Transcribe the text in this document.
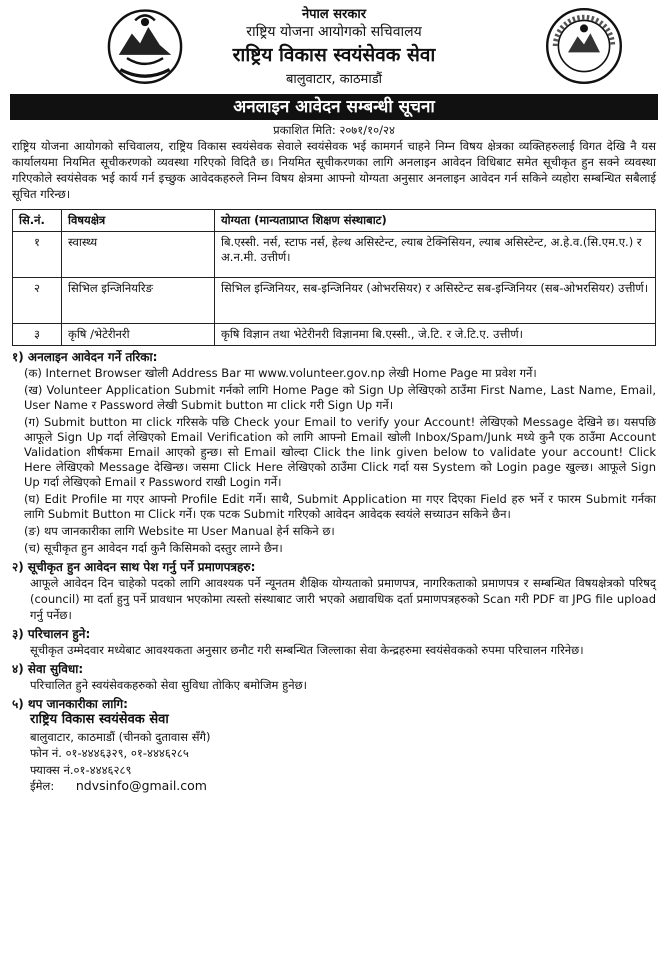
नेपाल सरकार
राष्ट्रिय योजना आयोगको सचिवालय
राष्ट्रिय विकास स्वयंसेवक सेवा
बालुवाटार, काठमाडौं
अनलाइन आवेदन सम्बन्धी सूचना
प्रकाशित मिति: २०७१/१०/२४

राष्ट्रिय योजना आयोगको सचिवालय, राष्ट्रिय विकास स्वयंसेवक सेवाले स्वयंसेवक भई कामगर्न चाहने निम्न विषय क्षेत्रका व्यक्तिहरुलाई विगत देखि नै यस कार्यालयमा नियमित सूचीकरणको व्यवस्था गरिएको विदितै छ। नियमित सूचीकरणका लागि अनलाइन आवेदन विधिबाट समेत सूचीकृत हुन सक्ने व्यवस्था गरिएकोले स्वयंसेवक भई कार्य गर्न इच्छुक आवेदकहरुले निम्न विषय क्षेत्रमा आफ्नो योग्यता अनुसार अनलाइन आवेदन गर्न सकिने व्यहोरा सम्बन्धित सबैलाई सूचित गरिन्छ।

सि.नं.	विषयक्षेत्र	योग्यता (मान्यताप्राप्त शिक्षण संस्थाबाट)
१	स्वास्थ्य	बि.एस्सी. नर्स, स्टाफ नर्स, हेल्थ असिस्टेन्ट, ल्याब टेक्निसियन, ल्याब असिस्टेन्ट, अ.हे.व.(सि.एम.ए.) र अ.न.मी. उत्तीर्ण।
२	सिभिल इन्जिनियरिङ	सिभिल इन्जिनियर, सब-इन्जिनियर (ओभरसियर) र असिस्टेन्ट सब-इन्जिनियर (सब-ओभरसियर) उत्तीर्ण।
३	कृषि /भेटेरीनरी	कृषि विज्ञान तथा भेटेरीनरी विज्ञानमा बि.एस्सी., जे.टि. र जे.टि.ए. उत्तीर्ण।
१) अनलाइन आवेदन गर्ने तरिका:
(क) Internet Browser खोली Address Bar मा www.volunteer.gov.np लेखी Home Page मा प्रवेश गर्ने।
(ख) Volunteer Application Submit गर्नको लागि Home Page को Sign Up लेखिएको ठाउँमा First Name, Last Name, Email, User Name र Password लेखी Submit button मा click गरी Sign Up गर्ने।
(ग) Submit button मा click गरिसके पछि Check your Email to verify your Account! लेखिएको Message देखिने छ। यसपछि आफूले Sign Up गर्दा लेखिएको Email Verification को लागि आफ्नो Email खोली Inbox/Spam/Junk मध्ये कुनै एक ठाउँमा Account Validation शीर्षकमा Email आएको हुन्छ। सो Email खोल्दा Click the link given below to validate your account! Click Here लेखिएको Message देखिन्छ। जसमा Click Here लेखिएको ठाउँमा Click गर्दा यस System को Login page खुल्छ। आफूले Sign Up गर्दा लेखिएको Email र Password राखी Login गर्ने।
(घ) Edit Profile मा गएर आफ्नो Profile Edit गर्ने। साथै, Submit Application मा गएर दिएका Field हरु भर्ने र फारम Submit गर्नका लागि Submit Button मा Click गर्ने। एक पटक Submit गरिएको आवेदन आवेदक स्वयंले सच्याउन सकिने छैन।
(ङ) थप जानकारीका लागि Website मा User Manual हेर्न सकिने छ।
(च) सूचीकृत हुन आवेदन गर्दा कुनै किसिमको दस्तुर लाग्ने छैन।
२) सूचीकृत हुन आवेदन साथ पेश गर्नु पर्ने प्रमाणपत्रहरु:
आफूले आवेदन दिन चाहेको पदको लागि आवश्यक पर्ने न्यूनतम शैक्षिक योग्यताको प्रमाणपत्र, नागरिकताको प्रमाणपत्र र सम्बन्धित विषयक्षेत्रको परिषद् (council) मा दर्ता हुनु पर्ने प्रावधान भएकोमा त्यस्तो संस्थाबाट जारी भएको अद्यावधिक दर्ता प्रमाणपत्रहरुको Scan गरी PDF वा JPG file upload गर्नु पर्नेछ।
३) परिचालन हुने:
सूचीकृत उम्मेदवार मध्येबाट आवश्यकता अनुसार छनौट गरी सम्बन्धित जिल्लाका सेवा केन्द्रहरुमा स्वयंसेवकको रुपमा परिचालन गरिनेछ।
४) सेवा सुविधा:
परिचालित हुने स्वयंसेवकहरुको सेवा सुविधा तोकिए बमोजिम हुनेछ।
५) थप जानकारीका लागि:
राष्ट्रिय विकास स्वयंसेवक सेवा
बालुवाटार, काठमाडौं (चीनको दुतावास सँगै)
फोन नं. ०१-४४४६३२९, ०१-४४४६२८५
फ्याक्स नं.०१-४४४६२८९
ईमेल: ndvsinfo@gmail.com
